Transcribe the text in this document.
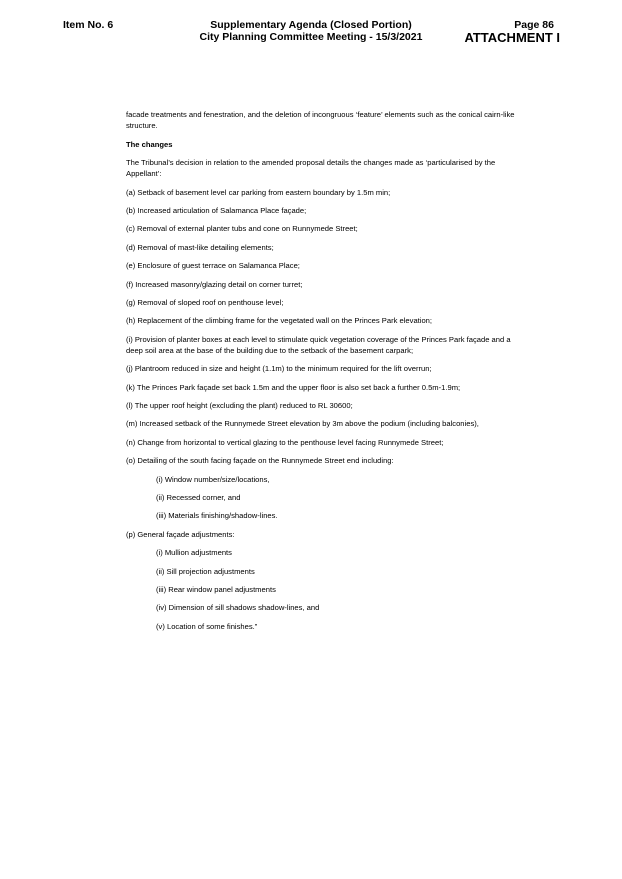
Item No. 6	Supplementary Agenda (Closed Portion)
City Planning Committee Meeting - 15/3/2021
Page 86
ATTACHMENT I

facade treatments and fenestration, and the deletion of incongruous ‘feature’ elements such as the conical cairn-like structure.

The changes

The Tribunal’s decision in relation to the amended proposal details the changes made as ‘particularised by the Appellant’:

(a) Setback of basement level car parking from eastern boundary by 1.5m min;

(b) Increased articulation of Salamanca Place façade;

(c) Removal of external planter tubs and cone on Runnymede Street;

(d) Removal of mast-like detailing elements;

(e) Enclosure of guest terrace on Salamanca Place;

(f) Increased masonry/glazing detail on corner turret;

(g) Removal of sloped roof on penthouse level;

(h) Replacement of the climbing frame for the vegetated wall on the Princes Park elevation;

(i) Provision of planter boxes at each level to stimulate quick vegetation coverage of the Princes Park façade and a deep soil area at the base of the building due to the setback of the basement carpark;

(j) Plantroom reduced in size and height (1.1m) to the minimum required for the lift overrun;

(k) The Princes Park façade set back 1.5m and the upper floor is also set back a further 0.5m-1.9m;

(l) The upper roof height (excluding the plant) reduced to RL 30600;

(m) Increased setback of the Runnymede Street elevation by 3m above the podium (including balconies),

(n) Change from horizontal to vertical glazing to the penthouse level facing Runnymede Street;

(o) Detailing of the south facing façade on the Runnymede Street end including:

(i) Window number/size/locations,

(ii) Recessed corner, and

(iii) Materials finishing/shadow-lines.

(p) General façade adjustments:

(i) Mullion adjustments

(ii) Sill projection adjustments

(iii) Rear window panel adjustments

(iv) Dimension of sill shadows shadow-lines, and

(v) Location of some finishes.”
